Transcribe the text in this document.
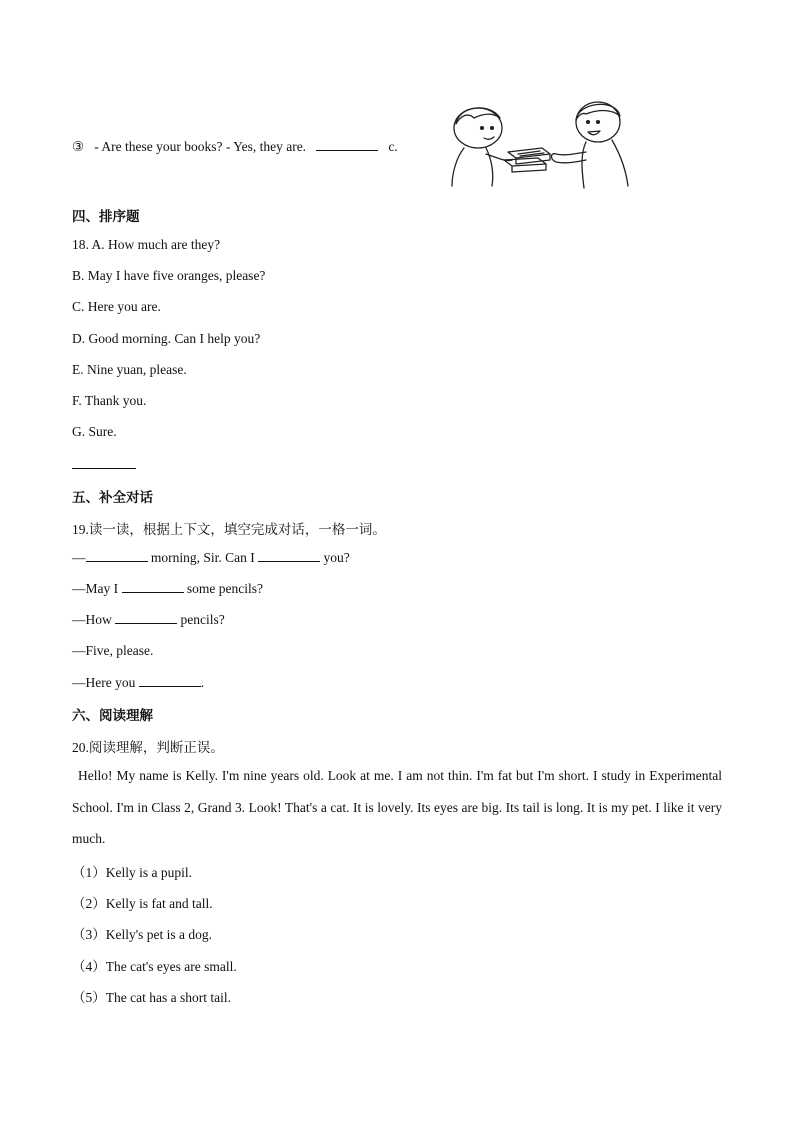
③ - Are these your books? - Yes, they are.	c.
四、排序题
18. A. How much are they?
B. May I have five oranges, please?
C. Here you are.
D. Good morning. Can I help you?
E. Nine yuan, please.
F. Thank you.
G. Sure.
五、补全对话
19.读一读，根据上下文，填空完成对话，一格一词。
—	morning, Sir. Can I	you?
—May I	some pencils?
—How	pencils?
—Five, please.
—Here you	.
六、阅读理解
20.阅读理解，判断正误。
Hello! My name is Kelly. I'm nine years old. Look at me. I am not thin. I'm fat but I'm short. I study in Experimental School. I'm in Class 2, Grand 3. Look! That's a cat. It is lovely. Its eyes are big. Its tail is long. It is my pet. I like it very much.
（1）Kelly is a pupil.
（2）Kelly is fat and tall.
（3）Kelly's pet is a dog.
（4）The cat's eyes are small.
（5）The cat has a short tail.
